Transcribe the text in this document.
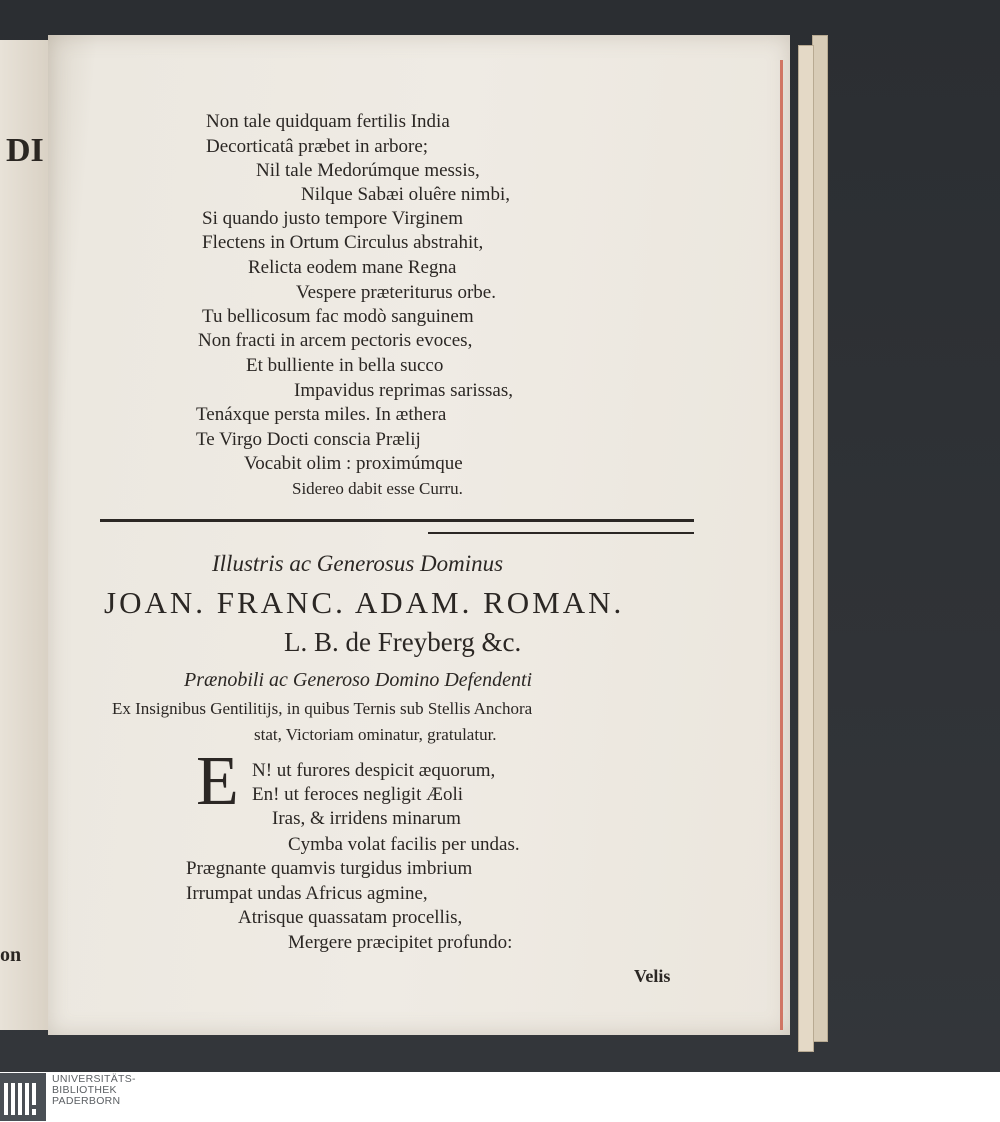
DI
on
Non tale quidquam fertilis India
Decorticatâ præbet in arbore;
Nil tale Medorúmque messis,
Nilque Sabæi oluêre nimbi,
Si quando justo tempore Virginem
Flectens in Ortum Circulus abstrahit,
Relicta eodem mane Regna
Vespere præteriturus orbe.
Tu bellicosum fac modò sanguinem
Non fracti in arcem pectoris evoces,
Et bulliente in bella succo
Impavidus reprimas sarissas,
Tenáxque persta miles. In æthera
Te Virgo Docti conscia Prælij
Vocabit olim : proximúmque
Sidereo dabit esse Curru.
Illustris ac Generosus Dominus
JOAN. FRANC. ADAM. ROMAN.
L. B. de Freyberg &c.
Prænobili ac Generoso Domino Defendenti
Ex Insignibus Gentilitijs, in quibus Ternis sub Stellis Anchora
stat, Victoriam ominatur, gratulatur.
E N! ut furores despicit æquorum,
En! ut feroces negligit Æoli
Iras, & irridens minarum
Cymba volat facilis per undas.
Prægnante quamvis turgidus imbrium
Irrumpat undas Africus agmine,
Atrisque quassatam procellis,
Mergere præcipitet profundo:
Velis
UNIVERSITÄTS-
BIBLIOTHEK
PADERBORN
